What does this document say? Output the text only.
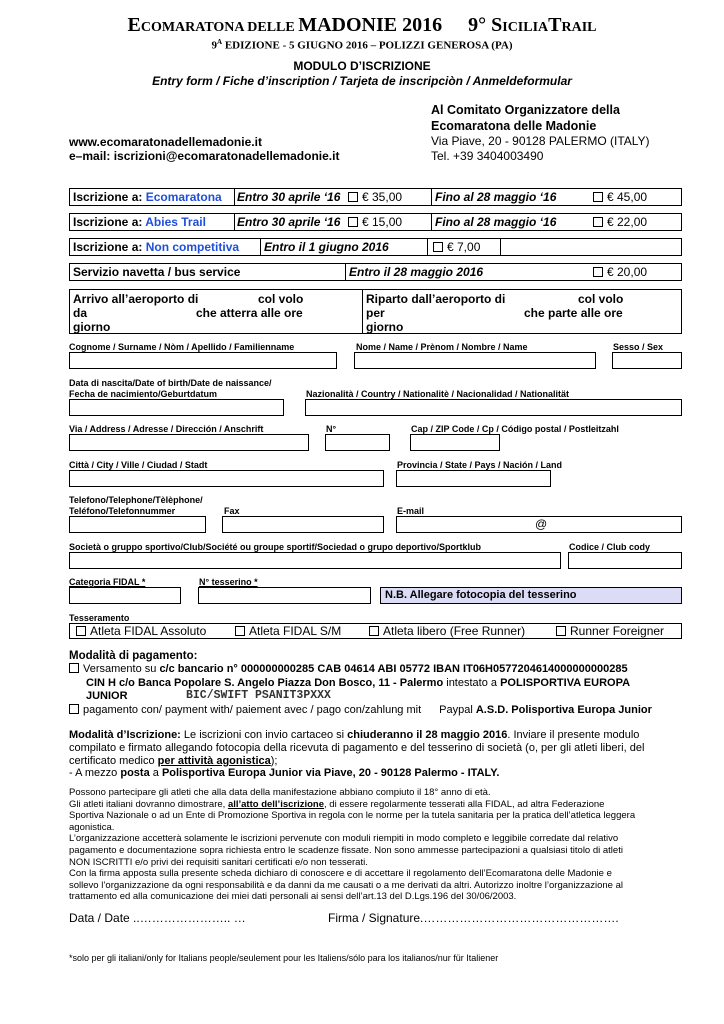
ECOMARATONA DELLE MADONIE 2016 9° SICILIATRAIL
$9^A$ EDIZIONE - 5 GIUGNO 2016 – POLIZZI GENEROSA (PA)
MODULO D’ISCRIZIONE
Entry form / Fiche d’inscription / Tarjeta de inscripciòn / Anmeldeformular
Al Comitato Organizzatore della
Ecomaratona delle Madonie
Via Piave, 20 - 90128 PALERMO (ITALY)
Tel. +39 3404003490
www.ecomaratonadellemadonie.it
e–mail: iscrizioni@ecomaratonadellemadonie.it
Iscrizione a: Ecomaratona Entro 30 aprile ‘16	€ 35,00	Fino al 28 maggio ‘16	€ 45,00
Iscrizione a: Abies Trail	Entro 30 aprile ‘16	€ 15,00	Fino al 28 maggio ‘16	€ 22,00
Iscrizione a: Non competitiva Entro il 1 giugno 2016	€ 7,00
Servizio navetta / bus service	Entro il 28 maggio 2016	€ 20,00
Arrivo all’aeroporto di	col volo
da	che atterra alle ore
giorno
Riparto dall’aeroporto di	col volo
per	che parte alle ore
giorno
Cognome / Surname / Nòm / Apellido / Familienname	Nome / Name / Prènom / Nombre / Name	Sesso / Sex
Data di nascita/Date of birth/Date de naissance/
Fecha de nacimiento/Geburtdatum	Nazionalità / Country / Nationalitè / Nacionalidad / Nationalität
Via / Address / Adresse / Dirección / Anschrift	N°	Cap / ZIP Code / Cp / Código postal / Postleitzahl
Città / City / Ville / Ciudad / Stadt	Provincia / State / Pays / Nación / Land
Telefono/Telephone/Tèlèphone/
Teléfono/Telefonnummer	Fax	E-mail
@
Società o gruppo sportivo/Club/Société ou groupe sportif/Sociedad o grupo deportivo/Sportklub	Codice / Club cody
Categoria FIDAL *	N° tesserino *
N.B. Allegare fotocopia del tesserino
Tesseramento
Atleta FIDAL Assoluto	Atleta FIDAL S/M	Atleta libero (Free Runner)	Runner Foreigner
Modalità di pagamento:
Versamento su c/c bancario n° 000000000285 CAB 04614 ABI 05772 IBAN IT06H0577204614000000000285
CIN H c/o Banca Popolare S. Angelo Piazza Don Bosco, 11 - Palermo intestato a POLISPORTIVA EUROPA
JUNIOR	BIC/SWIFT PSANIT3PXXX
pagamento con/ payment with/ paiement avec / pago con/zahlung mit Paypal A.S.D. Polisportiva Europa Junior
Modalità d’Iscrizione: Le iscrizioni con invio cartaceo si chiuderanno il 28 maggio 2016. Inviare il presente modulo
compilato e firmato allegando fotocopia della ricevuta di pagamento e del tesserino di società (o, per gli atleti liberi, del
certificato medico per attività agonistica);
- A mezzo posta a Polisportiva Europa Junior via Piave, 20 - 90128 Palermo - ITALY.
Possono partecipare gli atleti che alla data della manifestazione abbiano compiuto il 18° anno di età.
Gli atleti italiani dovranno dimostrare, all’atto dell’iscrizione, di essere regolarmente tesserati alla FIDAL, ad altra Federazione
Sportiva Nazionale o ad un Ente di Promozione Sportiva in regola con le norme per la tutela sanitaria per la pratica dell’atletica leggera
agonistica.
L’organizzazione accetterà solamente le iscrizioni pervenute con moduli riempiti in modo completo e leggibile corredate dal relativo
pagamento e documentazione sopra richiesta entro le scadenze fissate. Non sono ammesse partecipazioni a qualsiasi titolo di atleti
NON ISCRITTI e/o privi dei requisiti sanitari certificati e/o non tesserati.
Con la firma apposta sulla presente scheda dichiaro di conoscere e di accettare il regolamento dell’Ecomaratona delle Madonie e
sollevo l’organizzazione da ogni responsabilità e da danni da me causati o a me derivati da altri. Autorizzo inoltre l’organizzazione al
trattamento ed alla comunicazione dei miei dati personali ai sensi dell’art.13 del D.Lgs.196 del 30/06/2003.
Data / Date ..………………….. …	Firma / Signature.………………………………………….
*solo per gli italiani/only for Italians people/seulement pour les Italiens/sólo para los italianos/nur für Italiener
